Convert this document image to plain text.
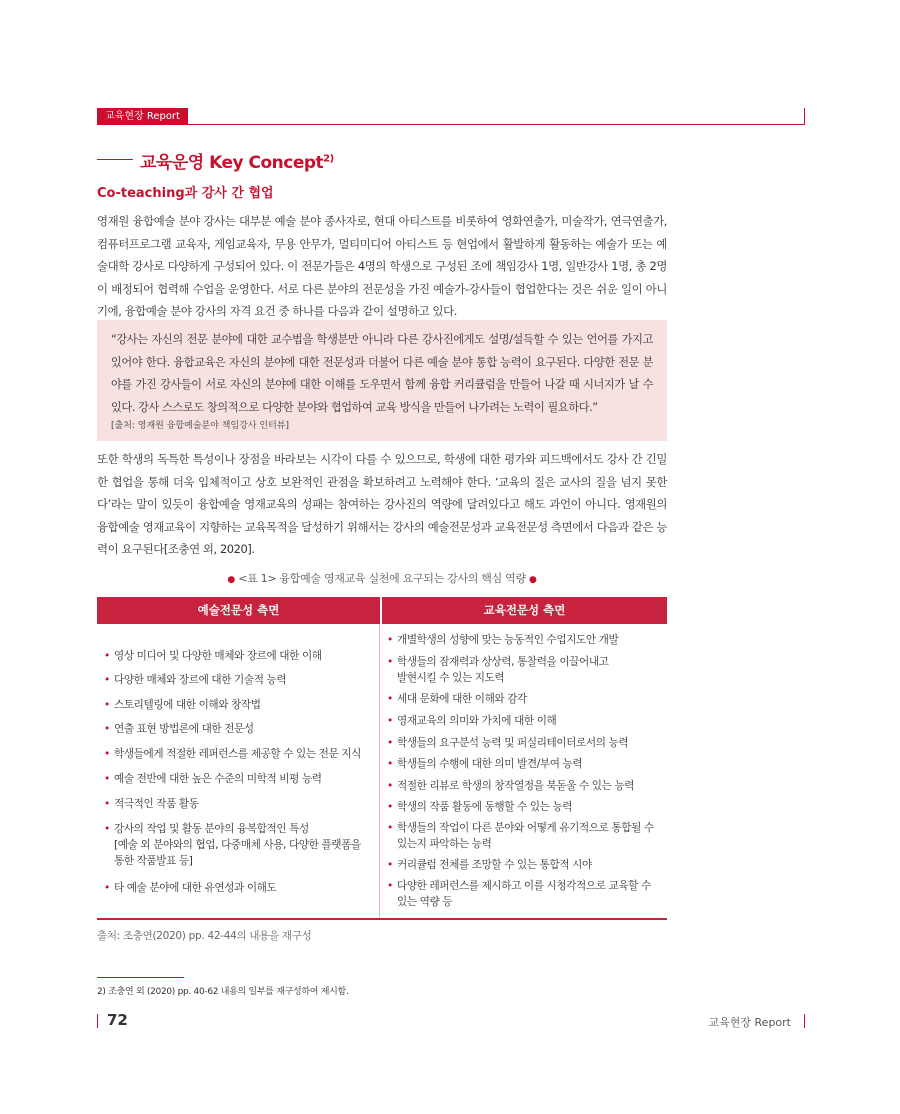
교육현장 Report
교육운영 Key Concept$^{2)}$
Co-teaching과 강사 간 협업
영재원 융합예술 분야 강사는 대부분 예술 분야 종사자로, 현대 아티스트를 비롯하여 영화연출가, 미술작가, 연극연출가, 컴퓨터프로그램 교육자, 게임교육자, 무용 안무가, 멀티미디어 아티스트 등 현업에서 활발하게 활동하는 예술가 또는 예술대학 강사로 다양하게 구성되어 있다. 이 전문가들은 4명의 학생으로 구성된 조에 책임강사 1명, 일반강사 1명, 총 2명이 배정되어 협력해 수업을 운영한다. 서로 다른 분야의 전문성을 가진 예술가-강사들이 협업한다는 것은 쉬운 일이 아니기에, 융합예술 분야 강사의 자격 요건 중 하나를 다음과 같이 설명하고 있다.
“강사는 자신의 전문 분야에 대한 교수법을 학생분만 아니라 다른 강사진에게도 설명/설득할 수 있는 언어를 가지고 있어야 한다. 융합교육은 자신의 분야에 대한 전문성과 더불어 다른 예술 분야 통합 능력이 요구된다. 다양한 전문 분야를 가진 강사들이 서로 자신의 분야에 대한 이해를 도우면서 함께 융합 커리큘럼을 만들어 나갈 때 시너지가 날 수 있다. 강사 스스로도 창의적으로 다양한 분야와 협업하여 교육 방식을 만들어 나가려는 노력이 필요하다.”
[출처: 영재원 융합예술분야 책임강사 인터뷰]
또한 학생의 독특한 특성이나 장점을 바라보는 시각이 다를 수 있으므로, 학생에 대한 평가와 피드백에서도 강사 간 긴밀한 협업을 통해 더욱 입체적이고 상호 보완적인 관점을 확보하려고 노력해야 한다. ‘교육의 질은 교사의 질을 넘지 못한다’라는 말이 있듯이 융합예술 영재교육의 성패는 참여하는 강사진의 역량에 달려있다고 해도 과언이 아니다. 영재원의 융합예술 영재교육이 지향하는 교육목적을 달성하기 위해서는 강사의 예술전문성과 교육전문성 측면에서 다음과 같은 능력이 요구된다[조충연 외, 2020].
● <표 1> 융합예술 영재교육 실천에 요구되는 강사의 핵심 역량 ●
예술전문성 측면	교육전문성 측면
• 영상 미디어 및 다양한 매체와 장르에 대한 이해
• 다양한 매체와 장르에 대한 기술적 능력
• 스토리텔링에 대한 이해와 창작법
• 연출 표현 방법론에 대한 전문성
• 학생들에게 적절한 레퍼런스를 제공할 수 있는 전문 지식
• 예술 전반에 대한 높은 수준의 미학적 비평 능력
• 적극적인 작품 활동
• 강사의 작업 및 활동 분야의 융복합적인 특성
[예술 외 분야와의 협업, 다중매체 사용, 다양한 플랫폼을
통한 작품발표 등]
• 타 예술 분야에 대한 유연성과 이해도
• 개별학생의 성향에 맞는 능동적인 수업지도안 개발
• 학생들의 잠재력과 상상력, 통찰력을 이끌어내고
발현시킬 수 있는 지도력
• 세대 문화에 대한 이해와 감각
• 영재교육의 의미와 가치에 대한 이해
• 학생들의 요구분석 능력 및 퍼실리테이터로서의 능력
• 학생들의 수행에 대한 의미 발견/부여 능력
• 적절한 리뷰로 학생의 창작열정을 북돋울 수 있는 능력
• 학생의 작품 활동에 동행할 수 있는 능력
• 학생들의 작업이 다른 분야와 어떻게 유기적으로 통합될 수
있는지 파악하는 능력
• 커리큘럼 전체를 조망할 수 있는 통합적 시야
• 다양한 레퍼런스를 제시하고 이를 시청각적으로 교육할 수
있는 역량 등
출처: 조충연(2020) pp. 42-44의 내용을 재구성
2) 조충연 외 (2020) pp. 40-62 내용의 일부를 재구성하여 제시함.
72	교육현장 Report
